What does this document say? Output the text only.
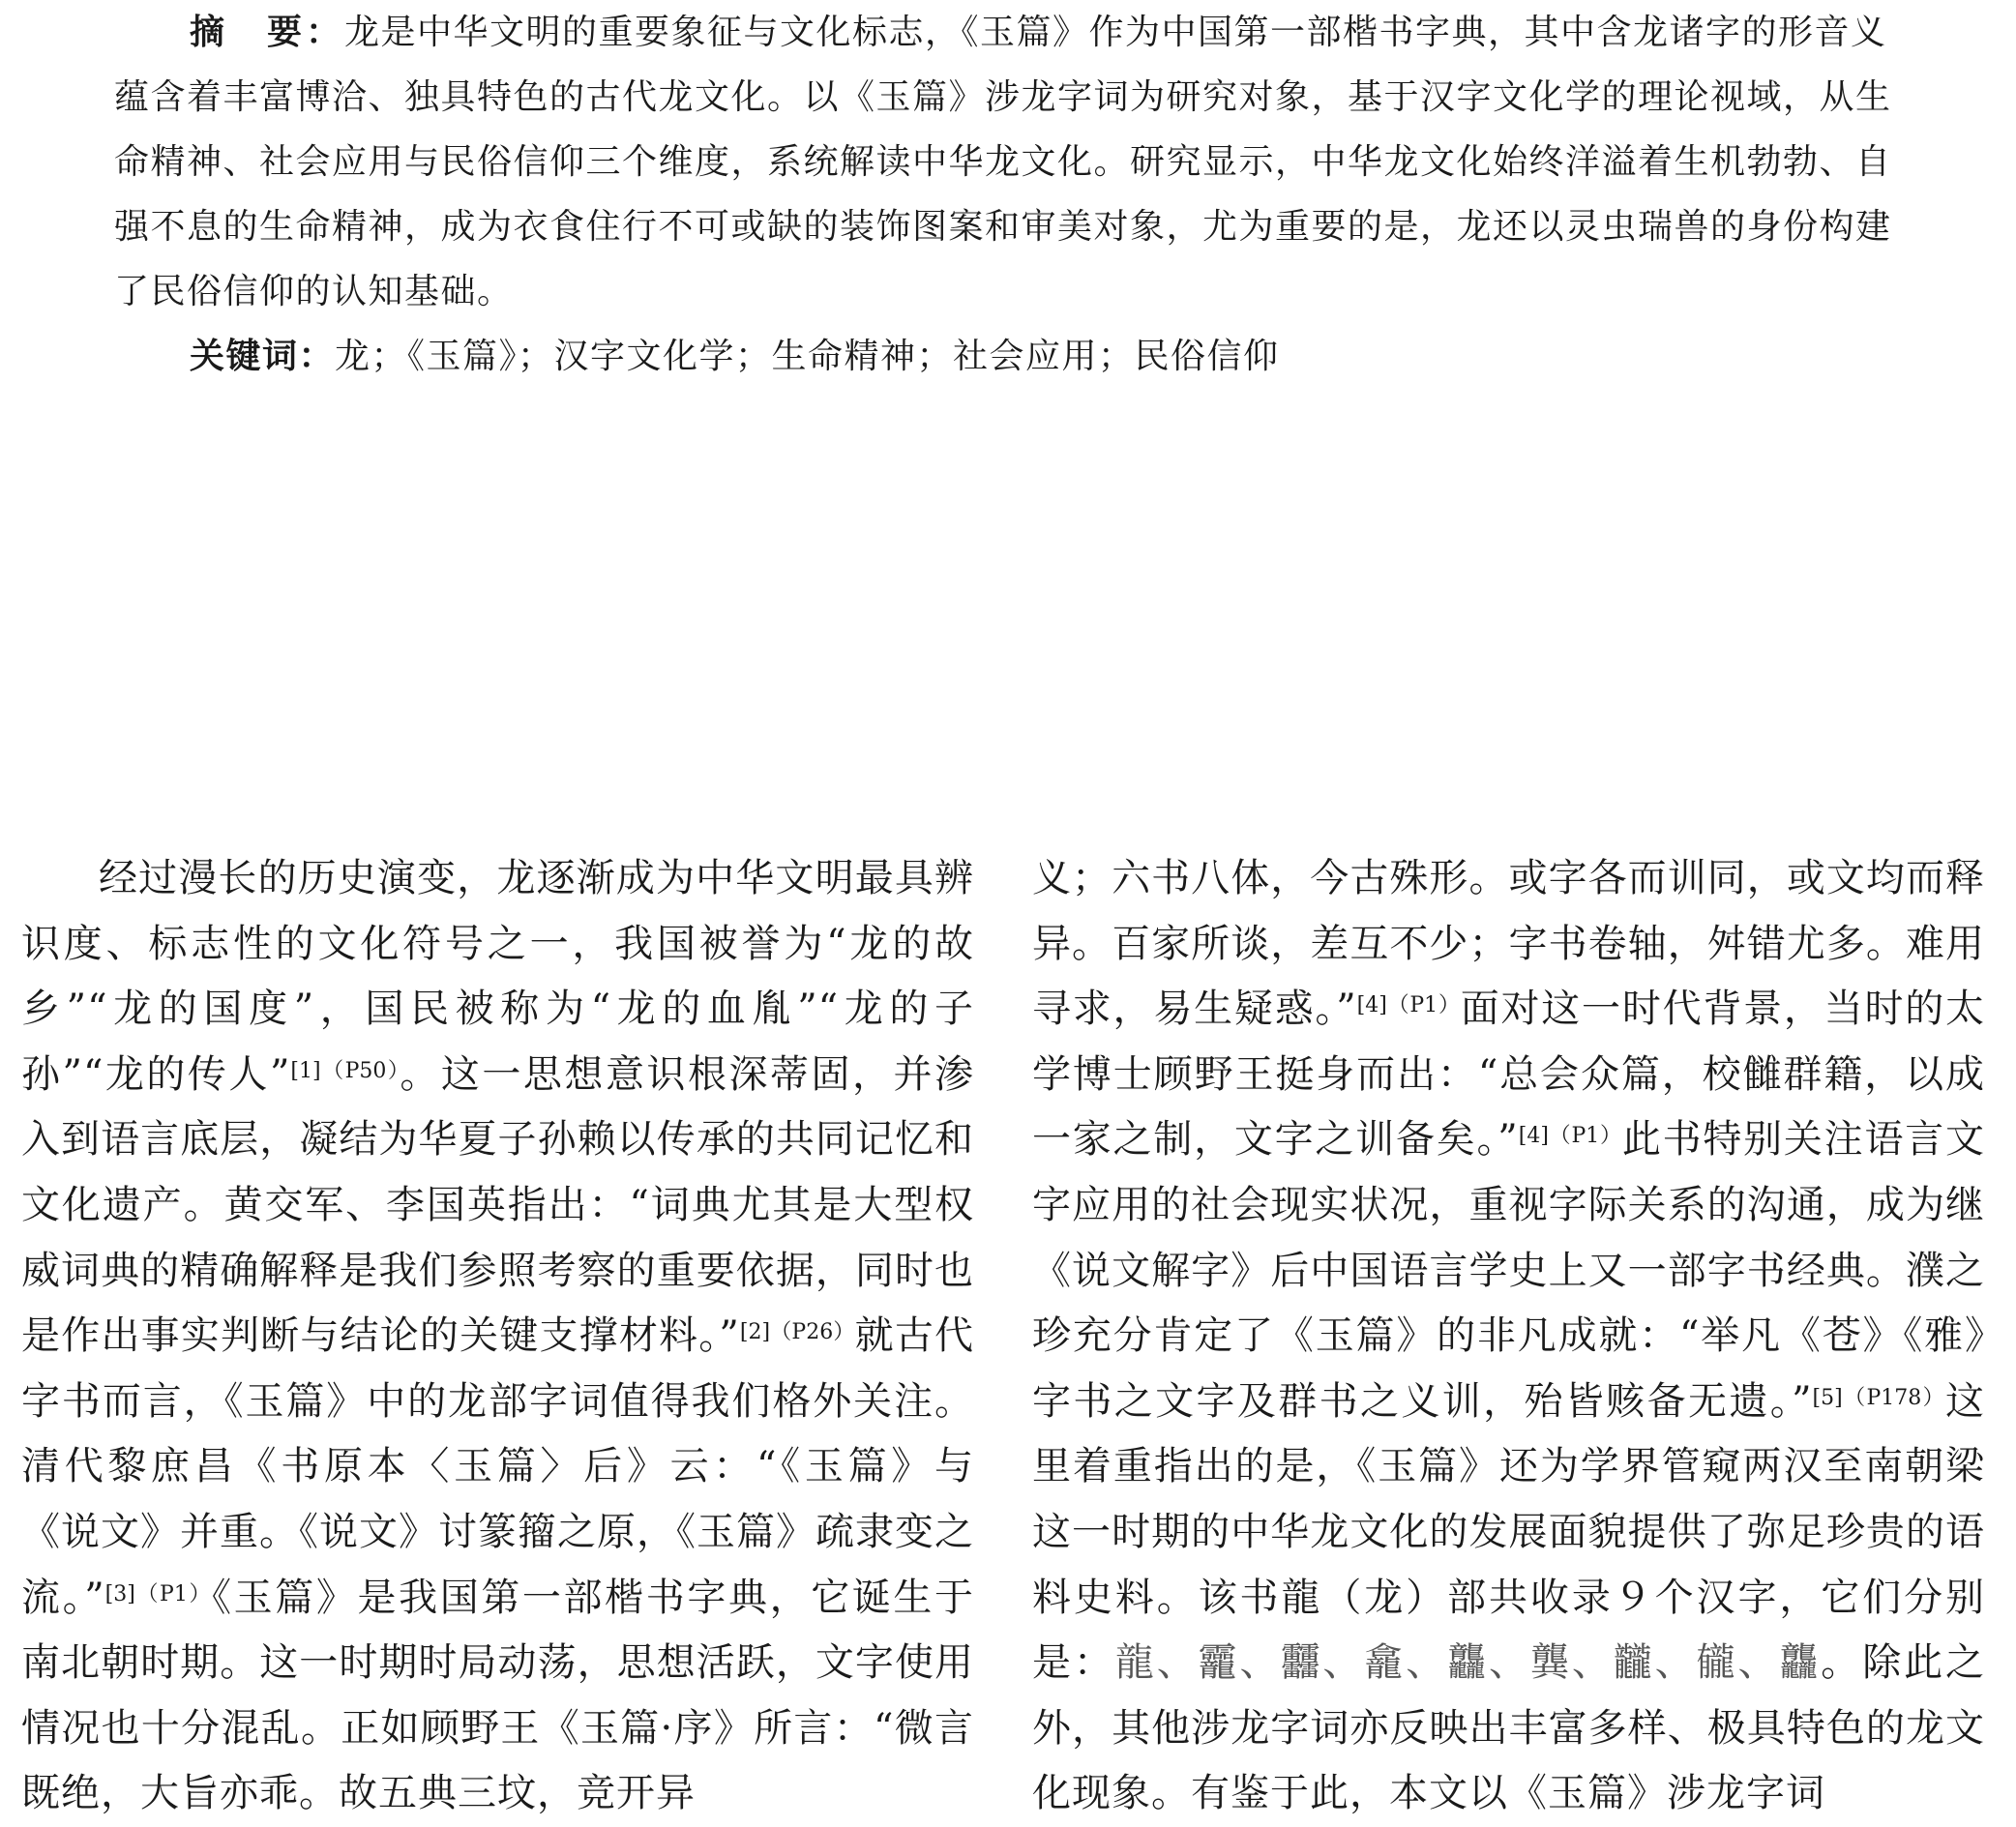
摘　要：龙是中华文明的重要象征与文化标志，《玉篇》作为中国第一部楷书字典，其中含龙诸字的形音义蕴含着丰富博洽、独具特色的古代龙文化。以《玉篇》涉龙字词为研究对象，基于汉字文化学的理论视域，从生命精神、社会应用与民俗信仰三个维度，系统解读中华龙文化。研究显示，中华龙文化始终洋溢着生机勃勃、自强不息的生命精神，成为衣食住行不可或缺的装饰图案和审美对象，尤为重要的是，龙还以灵虫瑞兽的身份构建了民俗信仰的认知基础。
关键词：龙；《玉篇》；汉字文化学；生命精神；社会应用；民俗信仰

经过漫长的历史演变，龙逐渐成为中华文明最具辨识度、标志性的文化符号之一，我国被誉为“龙的故乡”“龙的国度”，国民被称为“龙的血胤”“龙的子孙”“龙的传人”$^{[1](P50)}$。这一思想意识根深蒂固，并渗入到语言底层，凝结为华夏子孙赖以传承的共同记忆和文化遗产。黄交军、李国英指出：“词典尤其是大型权威词典的精确解释是我们参照考察的重要依据，同时也是作出事实判断与结论的关键支撑材料。”$^{[2](P26)}$就古代字书而言，《玉篇》中的龙部字词值得我们格外关注。清代黎庶昌《书原本〈玉篇〉后》云：“《玉篇》与《说文》并重。《说文》讨篆籀之原，《玉篇》疏隶变之流。”$^{[3](P1)}$《玉篇》是我国第一部楷书字典，它诞生于南北朝时期。这一时期时局动荡，思想活跃，文字使用情况也十分混乱。正如顾野王《玉篇·序》所言：“微言既绝，大旨亦乖。故五典三坟，竞开异

义；六书八体，今古殊形。或字各而训同，或文均而释异。百家所谈，差互不少；字书卷轴，舛错尤多。难用寻求，易生疑惑。”$^{[4](P1)}$面对这一时代背景，当时的太学博士顾野王挺身而出：“总会众篇，校雠群籍，以成一家之制，文字之训备矣。”$^{[4](P1)}$此书特别关注语言文字应用的社会现实状况，重视字际关系的沟通，成为继《说文解字》后中国语言学史上又一部字书经典。濮之珍充分肯定了《玉篇》的非凡成就：“举凡《苍》《雅》字书之文字及群书之义训，殆皆赅备无遗。”$^{[5](P178)}$这里着重指出的是，《玉篇》还为学界管窥两汉至南朝梁这一时期的中华龙文化的发展面貌提供了弥足珍贵的语料史料。该书龍（龙）部共收录９个汉字，它们分别是：龍、龗、䨻、龕、龘、龔、龖、龓、龘。除此之外，其他涉龙字词亦反映出丰富多样、极具特色的龙文化现象。有鉴于此，本文以《玉篇》涉龙字词
